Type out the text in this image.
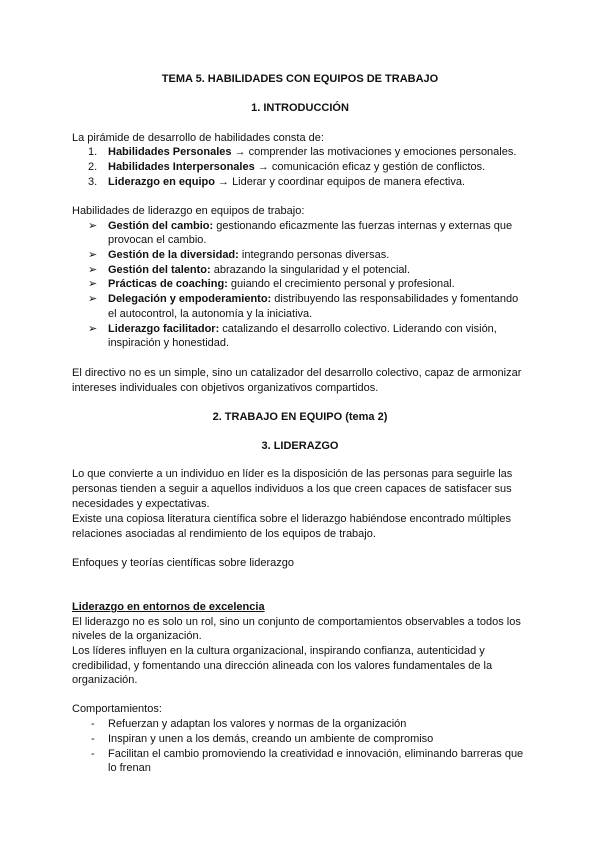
TEMA 5. HABILIDADES CON EQUIPOS DE TRABAJO
1. INTRODUCCIÓN
La pirámide de desarrollo de habilidades consta de:
1. Habilidades Personales → comprender las motivaciones y emociones personales.
2. Habilidades Interpersonales → comunicación eficaz y gestión de conflictos.
3. Liderazgo en equipo → Liderar y coordinar equipos de manera efectiva.
Habilidades de liderazgo en equipos de trabajo:
➢ Gestión del cambio: gestionando eficazmente las fuerzas internas y externas que
provocan el cambio.
➢ Gestión de la diversidad: integrando personas diversas.
➢ Gestión del talento: abrazando la singularidad y el potencial.
➢ Prácticas de coaching: guiando el crecimiento personal y profesional.
➢ Delegación y empoderamiento: distribuyendo las responsabilidades y fomentando
el autocontrol, la autonomía y la iniciativa.
➢ Liderazgo facilitador: catalizando el desarrollo colectivo. Liderando con visión,
inspiración y honestidad.
El directivo no es un simple, sino un catalizador del desarrollo colectivo, capaz de armonizar
intereses individuales con objetivos organizativos compartidos.
2. TRABAJO EN EQUIPO (tema 2)
3. LIDERAZGO
Lo que convierte a un individuo en líder es la disposición de las personas para seguirle las
personas tienden a seguir a aquellos individuos a los que creen capaces de satisfacer sus
necesidades y expectativas.
Existe una copiosa literatura científica sobre el liderazgo habiéndose encontrado múltiples
relaciones asociadas al rendimiento de los equipos de trabajo.
Enfoques y teorías científicas sobre liderazgo
Liderazgo en entornos de excelencia
El liderazgo no es solo un rol, sino un conjunto de comportamientos observables a todos los
niveles de la organización.
Los líderes influyen en la cultura organizacional, inspirando confianza, autenticidad y
credibilidad, y fomentando una dirección alineada con los valores fundamentales de la
organización.
Comportamientos:
- Refuerzan y adaptan los valores y normas de la organización
- Inspiran y unen a los demás, creando un ambiente de compromiso
- Facilitan el cambio promoviendo la creatividad e innovación, eliminando barreras que
lo frenan
